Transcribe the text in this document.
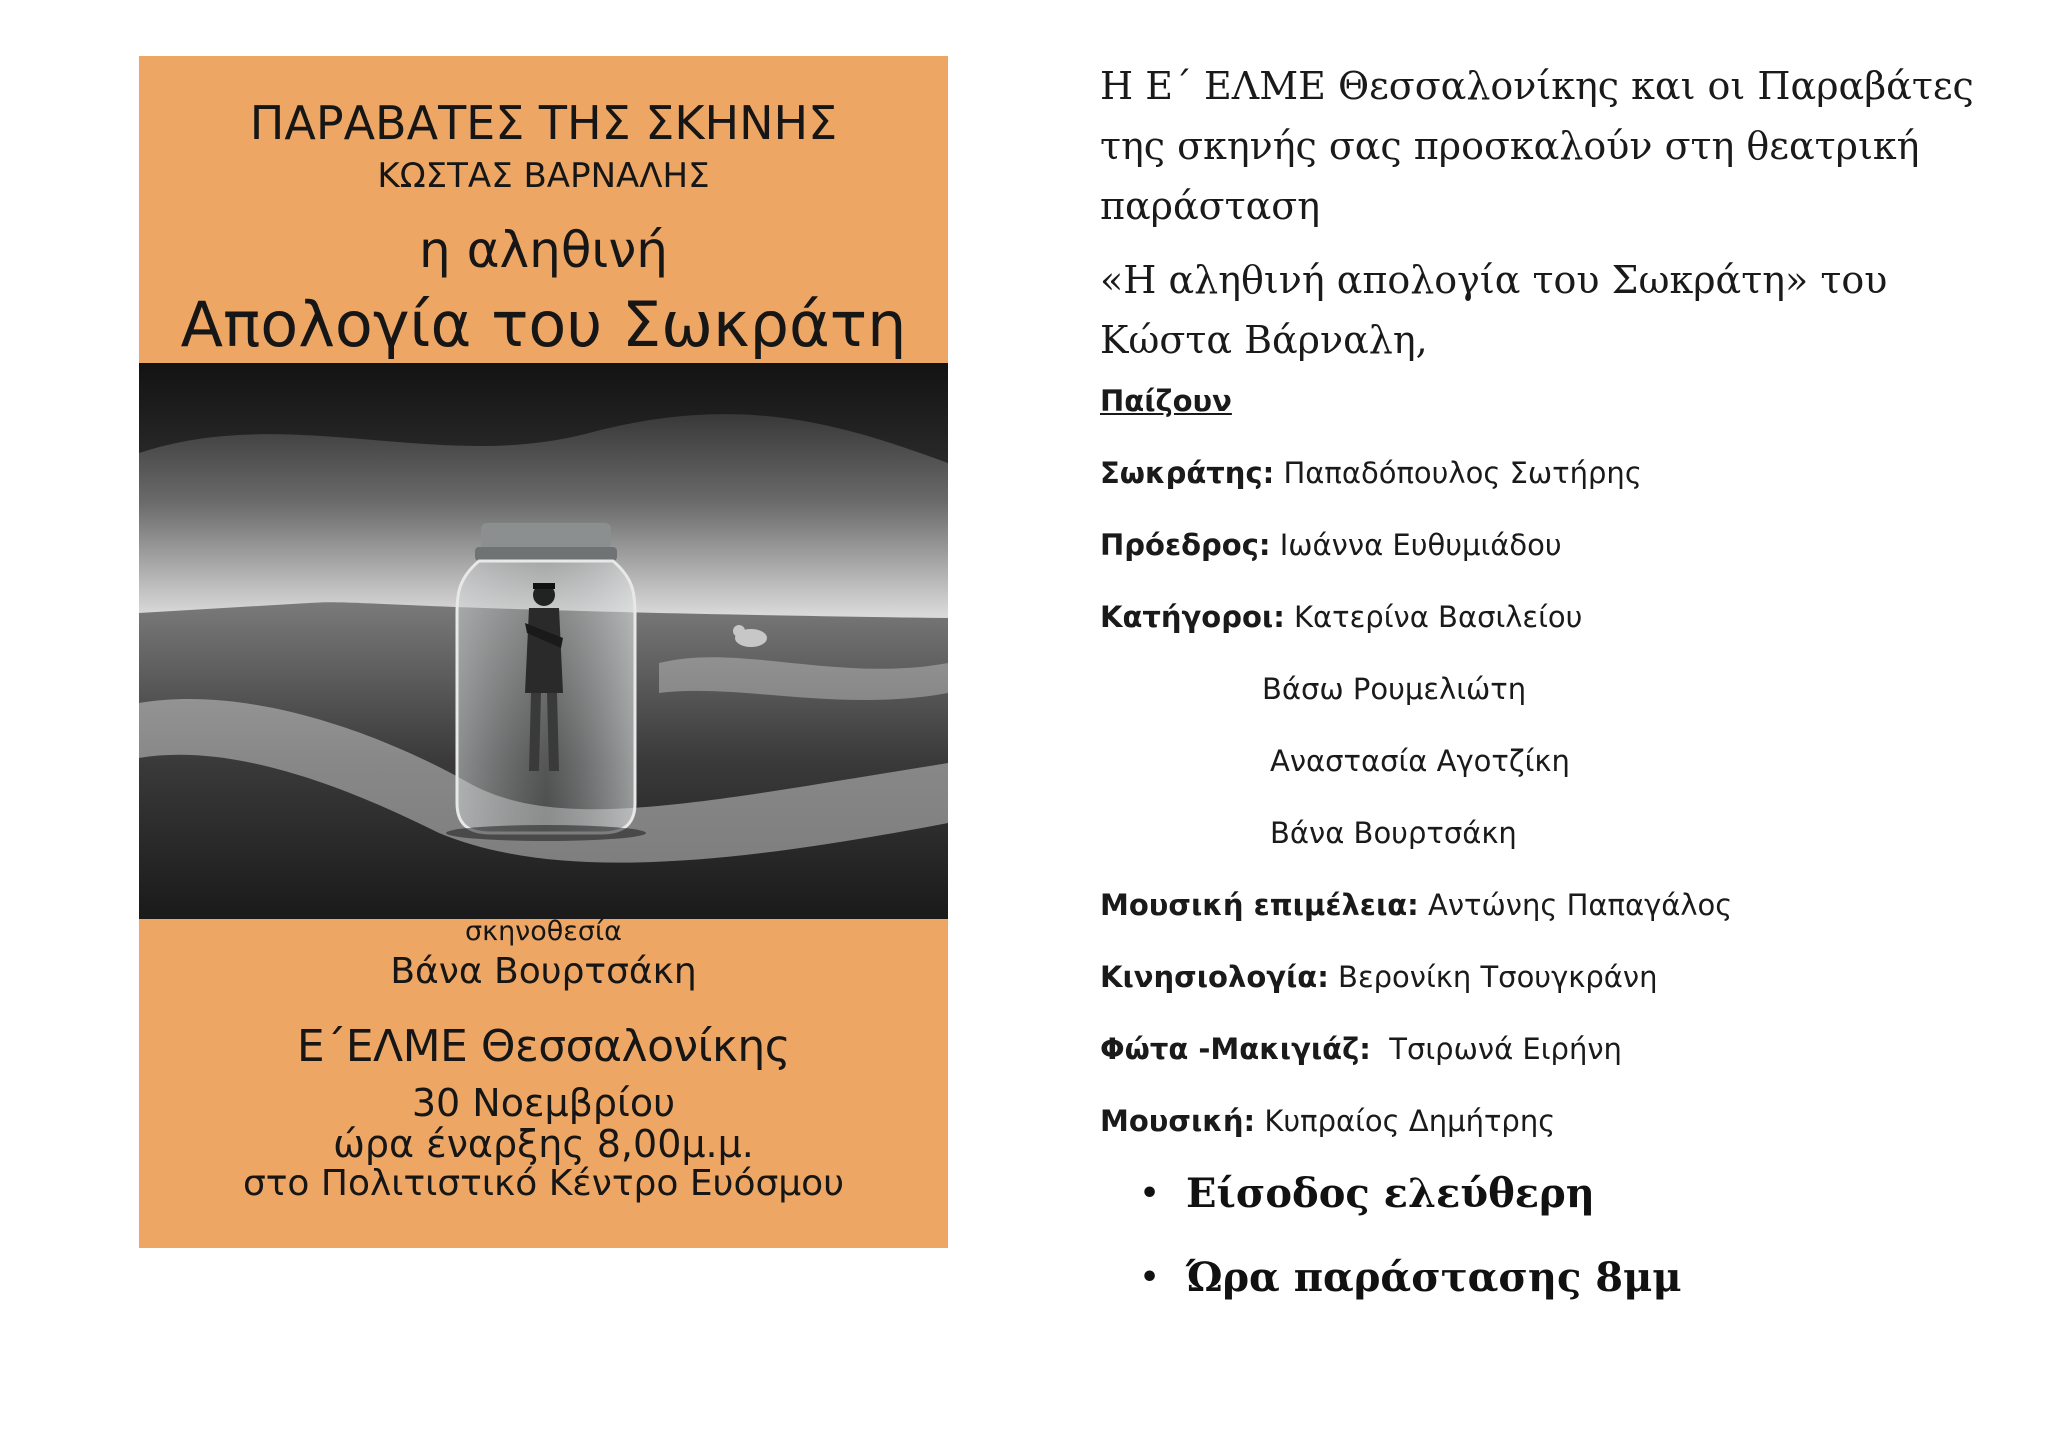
ΠΑΡΑΒΑΤΕΣ ΤΗΣ ΣΚΗΝΗΣ
ΚΩΣΤΑΣ ΒΑΡΝΑΛΗΣ
η αληθινή
Απολογία του Σωκράτη
σκηνοθεσία
Βάνα Βουρτσάκη
Ε΄ΕΛΜΕ Θεσσαλονίκης
30 Νοεμβρίου
ώρα έναρξης 8,00μ.μ.
στο Πολιτιστικό Κέντρο Ευόσμου

Η Ε΄ ΕΛΜΕ Θεσσαλονίκης και οι Παραβάτες της σκηνής σας προσκαλούν στη θεατρική παράσταση

«Η αληθινή απολογία του Σωκράτη» του Κώστα Βάρναλη,

Παίζουν
Σωκράτης: Παπαδόπουλος Σωτήρης
Πρόεδρος: Ιωάννα Ευθυμιάδου
Κατήγοροι: Κατερίνα Βασιλείου
Βάσω Ρουμελιώτη
Αναστασία Αγοτζίκη
Βάνα Βουρτσάκη
Μουσική επιμέλεια: Αντώνης Παπαγάλος
Κινησιολογία: Βερονίκη Τσουγκράνη
Φώτα -Μακιγιάζ:  Τσιρωνά Ειρήνη
Μουσική: Κυπραίος Δημήτρης
• Είσοδος ελεύθερη
• Ώρα παράστασης 8μμ
